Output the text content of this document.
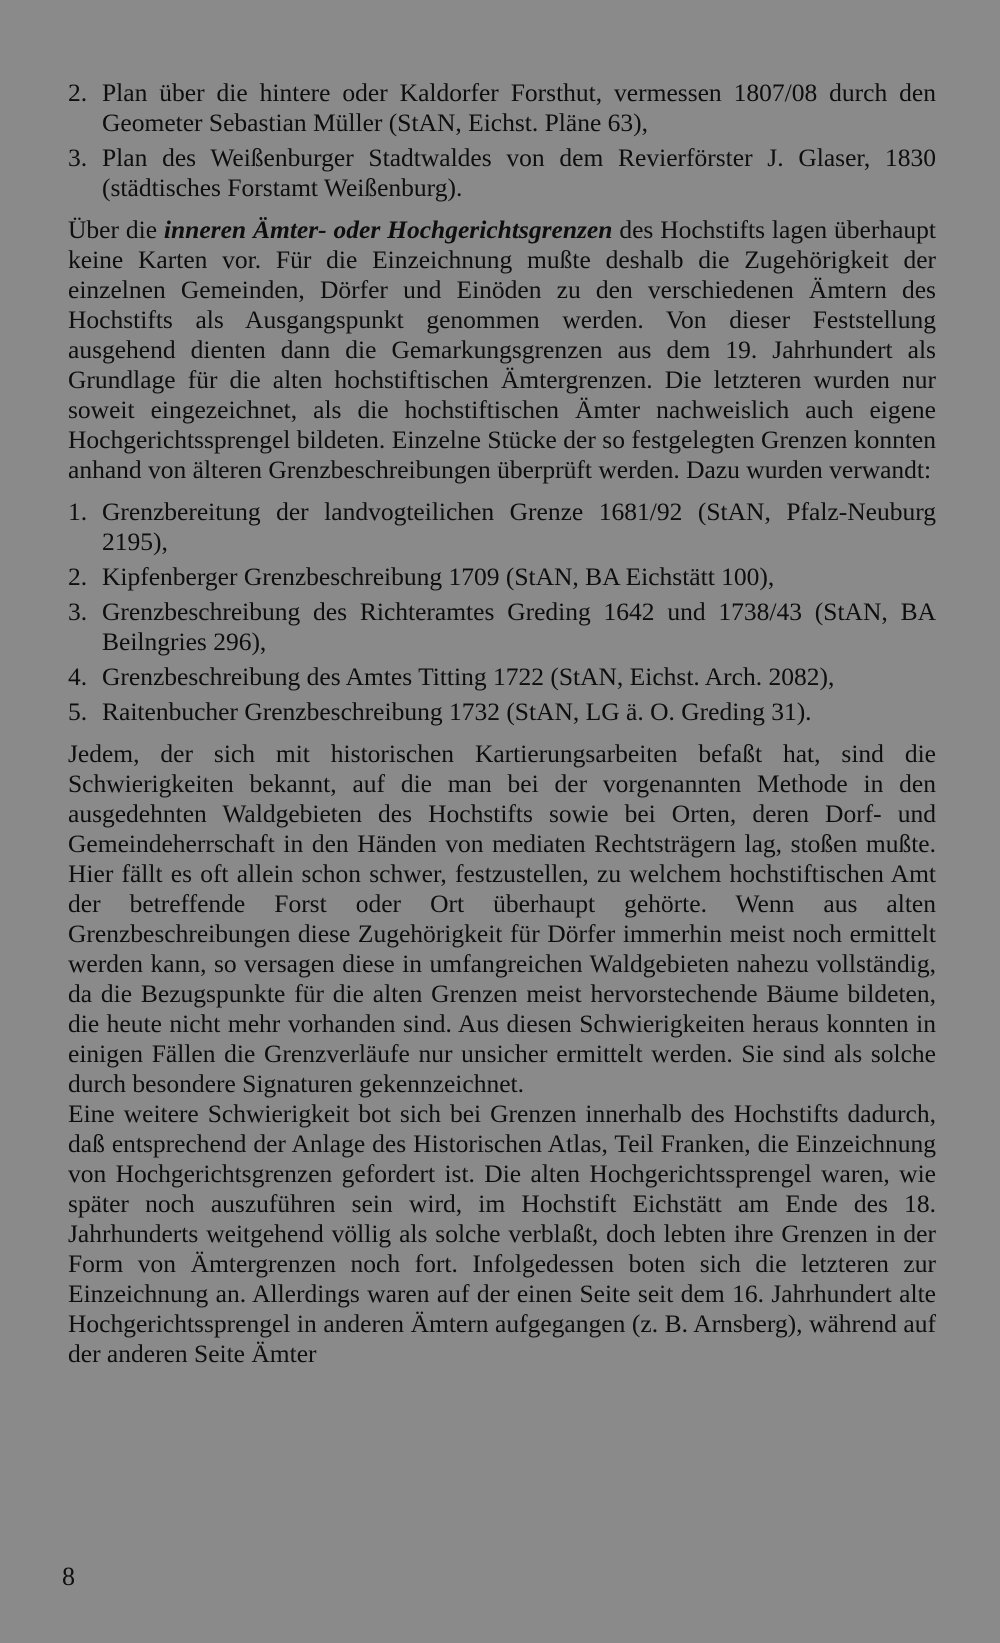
2. Plan über die hintere oder Kaldorfer Forsthut, vermessen 1807/08 durch den Geometer Sebastian Müller (StAN, Eichst. Pläne 63),
3. Plan des Weißenburger Stadtwaldes von dem Revierförster J. Glaser, 1830 (städtisches Forstamt Weißenburg).

Über die inneren Ämter- oder Hochgerichtsgrenzen des Hochstifts lagen überhaupt keine Karten vor. Für die Einzeichnung mußte deshalb die Zugehörigkeit der einzelnen Gemeinden, Dörfer und Einöden zu den verschiedenen Ämtern des Hochstifts als Ausgangspunkt genommen werden. Von dieser Feststellung ausgehend dienten dann die Gemarkungsgrenzen aus dem 19. Jahrhundert als Grundlage für die alten hochstiftischen Ämtergrenzen. Die letzteren wurden nur soweit eingezeichnet, als die hochstiftischen Ämter nachweislich auch eigene Hochgerichtssprengel bildeten. Einzelne Stücke der so festgelegten Grenzen konnten anhand von älteren Grenzbeschreibungen überprüft werden. Dazu wurden verwandt:

1. Grenzbereitung der landvogteilichen Grenze 1681/92 (StAN, Pfalz-Neuburg 2195),
2. Kipfenberger Grenzbeschreibung 1709 (StAN, BA Eichstätt 100),
3. Grenzbeschreibung des Richteramtes Greding 1642 und 1738/43 (StAN, BA Beilngries 296),
4. Grenzbeschreibung des Amtes Titting 1722 (StAN, Eichst. Arch. 2082),
5. Raitenbucher Grenzbeschreibung 1732 (StAN, LG ä. O. Greding 31).

Jedem, der sich mit historischen Kartierungsarbeiten befaßt hat, sind die Schwierigkeiten bekannt, auf die man bei der vorgenannten Methode in den ausgedehnten Waldgebieten des Hochstifts sowie bei Orten, deren Dorf- und Gemeindeherrschaft in den Händen von mediaten Rechtsträgern lag, stoßen mußte. Hier fällt es oft allein schon schwer, festzustellen, zu welchem hochstiftischen Amt der betreffende Forst oder Ort überhaupt gehörte. Wenn aus alten Grenzbeschreibungen diese Zugehörigkeit für Dörfer immerhin meist noch ermittelt werden kann, so versagen diese in umfangreichen Waldgebieten nahezu vollständig, da die Bezugspunkte für die alten Grenzen meist hervorstechende Bäume bildeten, die heute nicht mehr vorhanden sind. Aus diesen Schwierigkeiten heraus konnten in einigen Fällen die Grenzverläufe nur unsicher ermittelt werden. Sie sind als solche durch besondere Signaturen gekennzeichnet.

Eine weitere Schwierigkeit bot sich bei Grenzen innerhalb des Hochstifts dadurch, daß entsprechend der Anlage des Historischen Atlas, Teil Franken, die Einzeichnung von Hochgerichtsgrenzen gefordert ist. Die alten Hochgerichtssprengel waren, wie später noch auszuführen sein wird, im Hochstift Eichstätt am Ende des 18. Jahrhunderts weitgehend völlig als solche verblaßt, doch lebten ihre Grenzen in der Form von Ämtergrenzen noch fort. Infolgedessen boten sich die letzteren zur Einzeichnung an. Allerdings waren auf der einen Seite seit dem 16. Jahrhundert alte Hochgerichtssprengel in anderen Ämtern aufgegangen (z. B. Arnsberg), während auf der anderen Seite Ämter

8
